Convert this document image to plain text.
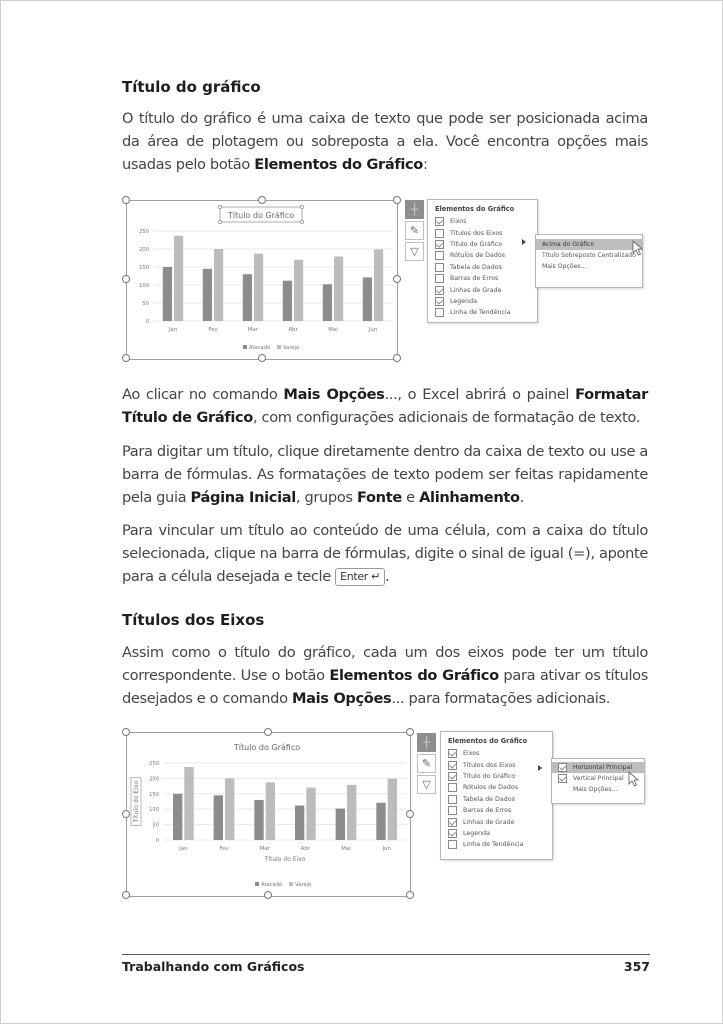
Título do gráfico
O título do gráfico é uma caixa de texto que pode ser posicionada acima da área de plotagem ou sobreposta a ela. Você encontra opções mais usadas pelo botão Elementos do Gráfico:
Título do Gráfico
0
50
100
150
200
250
Jan	Fev	Mar	Abr	Mai	Jun
Atacado Varejo
┼
✎
▽
Elementos do Gráfico
Eixos
Títulos dos Eixos
Título do Gráfico
Rótulos de Dados
Tabela de Dados
Barras de Erros
Linhas de Grade
Legenda
Linha de Tendência
Acima do Gráfico
Título Sobreposto Centralizado
Mais Opções...
Ao clicar no comando Mais Opções..., o Excel abrirá o painel Formatar Título de Gráfico, com configurações adicionais de formatação de texto.
Para digitar um título, clique diretamente dentro da caixa de texto ou use a barra de fórmulas. As formatações de texto podem ser feitas rapidamente pela guia Página Inicial, grupos Fonte e Alinhamento.
Para vincular um título ao conteúdo de uma célula, com a caixa do título selecionada, clique na barra de fórmulas, digite o sinal de igual (=), aponte para a célula desejada e tecle Enter ↵ .
Títulos dos Eixos
Assim como o título do gráfico, cada um dos eixos pode ter um título correspondente. Use o botão Elementos do Gráfico para ativar os títulos desejados e o comando Mais Opções... para formatações adicionais.
Título do Gráfico
0
50
100
150
200
250
Jan	Fev	Mar	Abr	Mai	Jun
Título do Eixo
Título do Eixo
Atacado Varejo
┼
✎
▽
Elementos do Gráfico
Eixos
Títulos dos Eixos
Título do Gráfico
Rótulos de Dados
Tabela de Dados
Barras de Erros
Linhas de Grade
Legenda
Linha de Tendência
Horizontal Principal
Vertical Principal
Mais Opções...
Trabalhando com Gráficos	357
